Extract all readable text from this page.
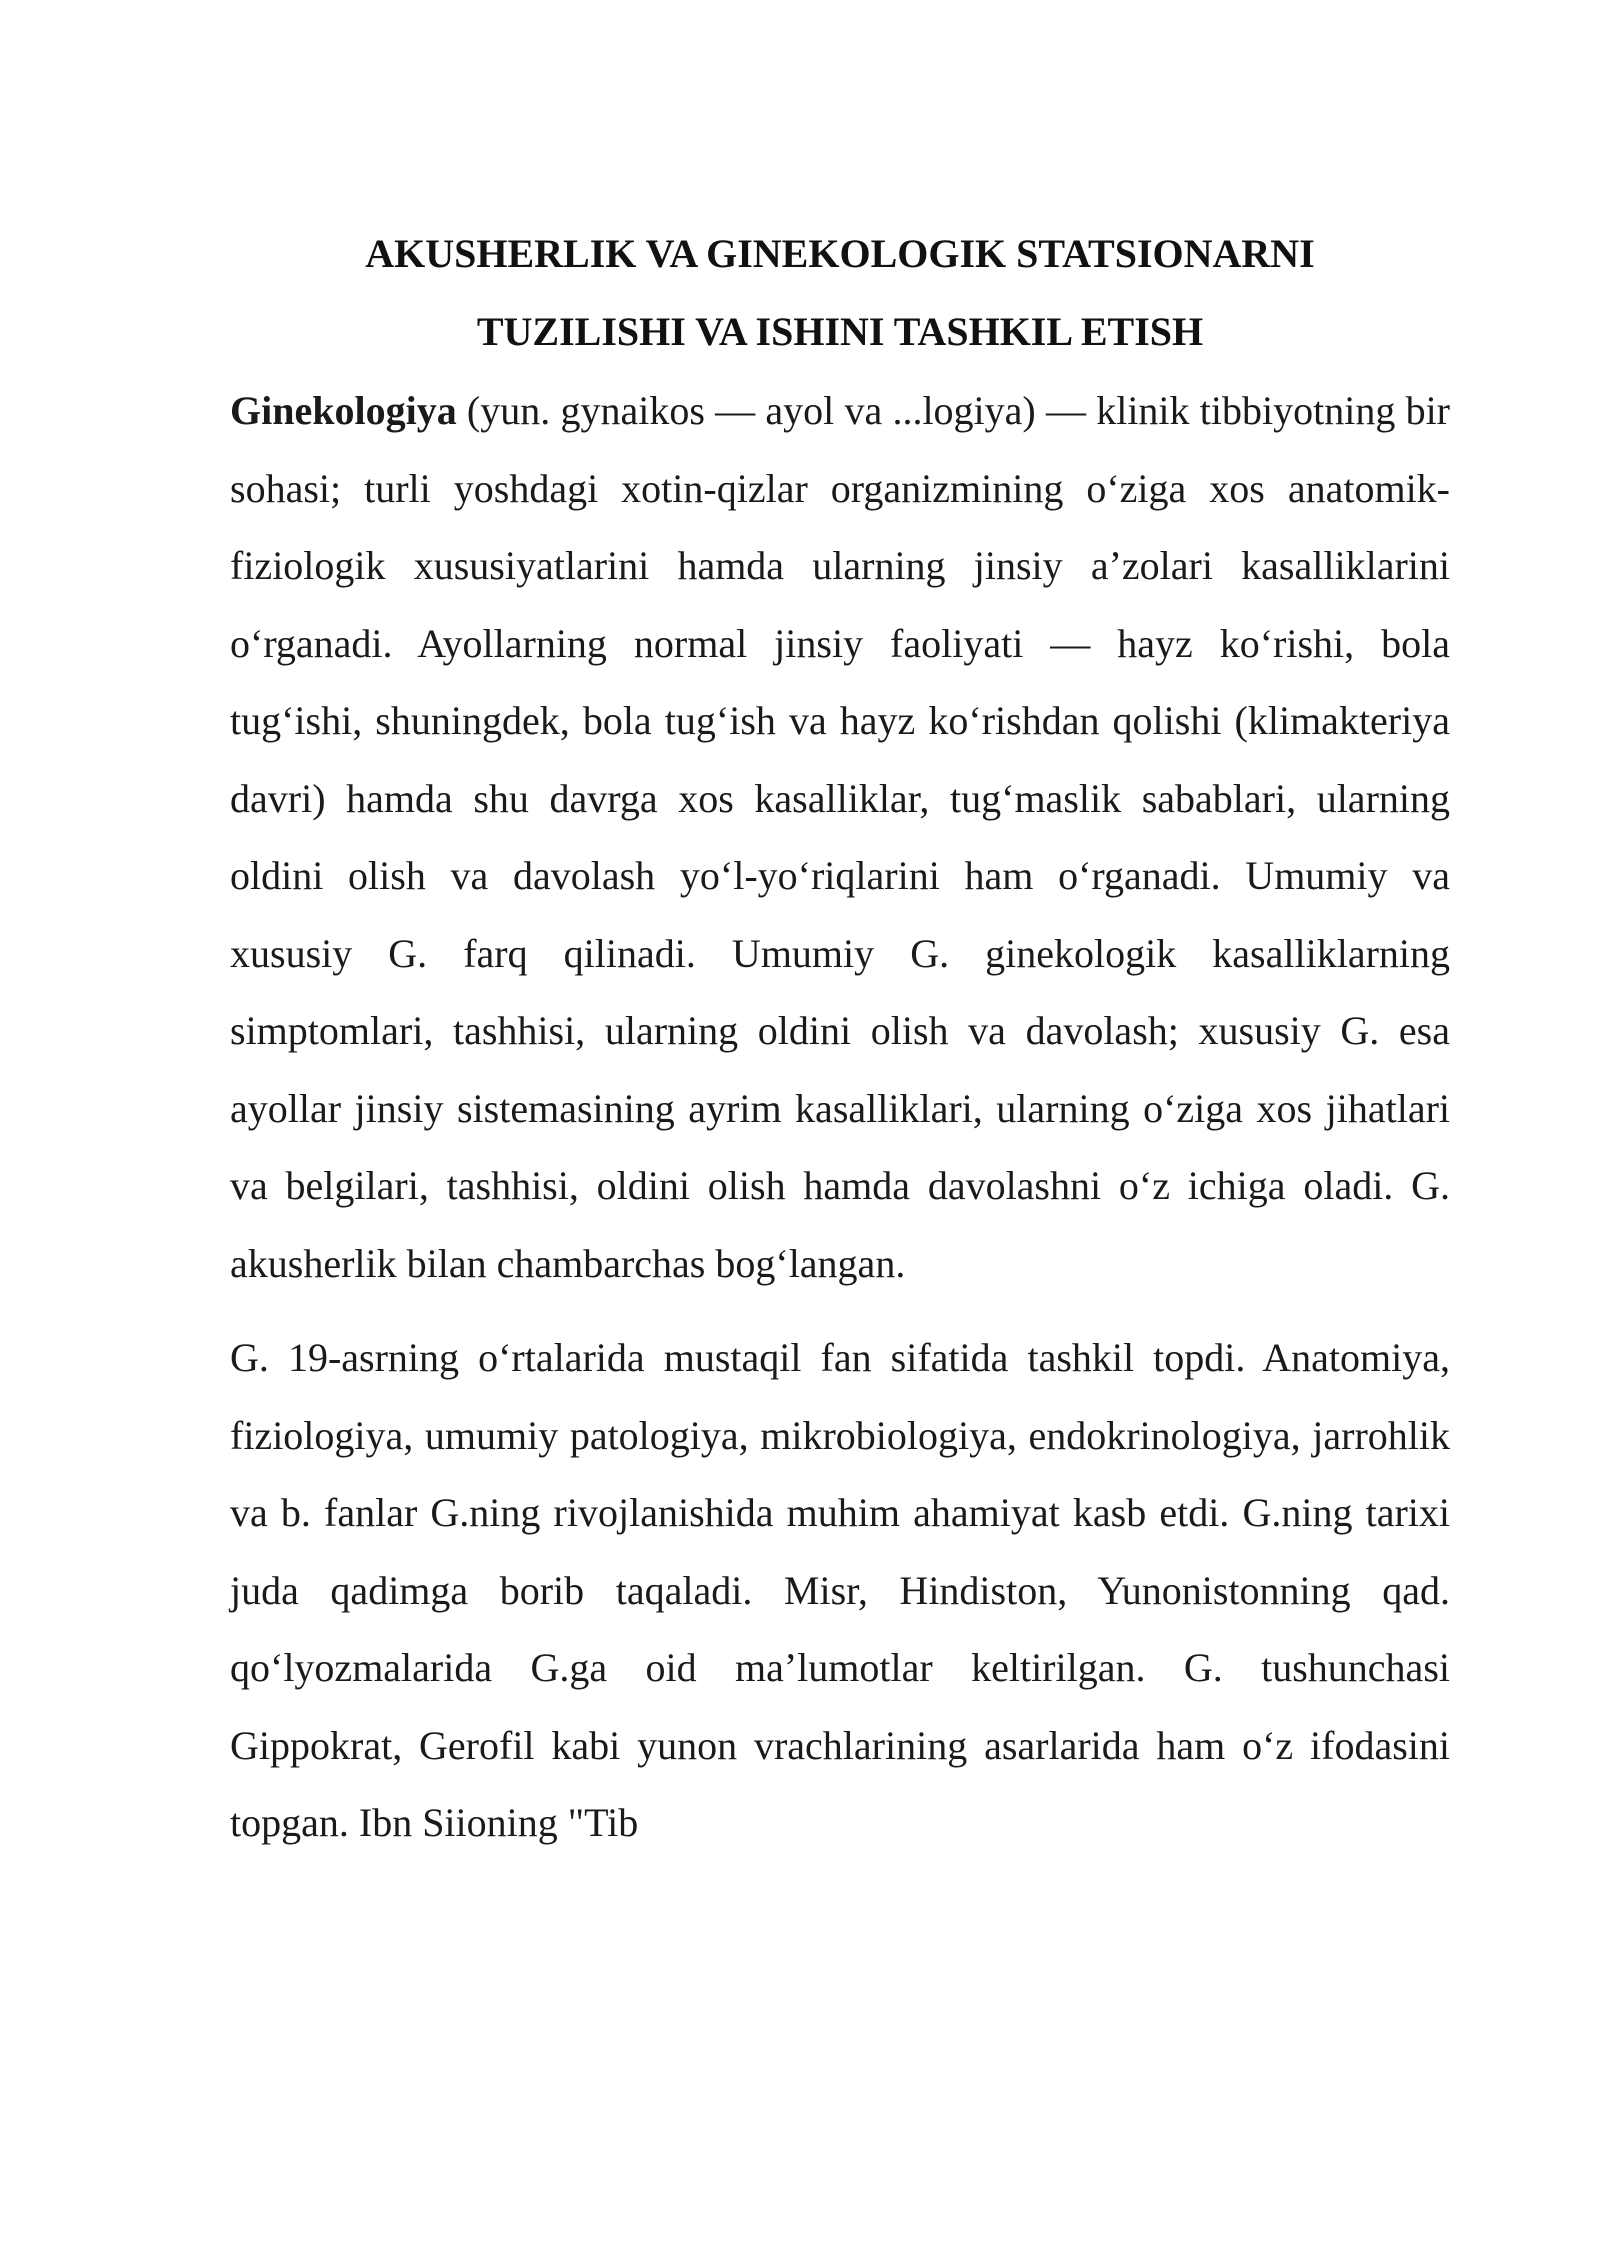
AKUSHERLIK VA GINEKOLOGIK STATSIONARNI
TUZILISHI VA ISHINI TASHKIL ETISH

Ginekologiya (yun. gynaikos — ayol va ...logiya) — klinik tibbiyotning bir sohasi; turli yoshdagi xotin-qizlar organizmining oʻziga xos anatomik-fiziologik xususiyatlarini hamda ularning jinsiy aʼzolari kasalliklarini oʻrganadi. Ayollarning normal jinsiy faoliyati — hayz koʻrishi, bola tugʻishi, shuningdek, bola tugʻish va hayz koʻrishdan qolishi (klimakteriya davri) hamda shu davrga xos kasalliklar, tugʻmaslik sabablari, ularning oldini olish va davolash yoʻl-yoʻriqlarini ham oʻrganadi. Umumiy va xususiy G. farq qilinadi. Umumiy G. ginekologik kasalliklarning simptomlari, tashhisi, ularning oldini olish va davolash; xususiy G. esa ayollar jinsiy sistemasining ayrim kasalliklari, ularning oʻziga xos jihatlari va belgilari, tashhisi, oldini olish hamda davolashni oʻz ichiga oladi. G. akusherlik bilan chambarchas bogʻlangan.

G. 19-asrning oʻrtalarida mustaqil fan sifatida tashkil topdi. Anatomiya, fiziologiya, umumiy patologiya, mikrobiologiya, endokrinologiya, jarrohlik va b. fanlar G.ning rivojlanishida muhim ahamiyat kasb etdi. G.ning tarixi juda qadimga borib taqaladi. Misr, Hindiston, Yunonistonning qad. qoʻlyozmalarida G.ga oid maʼlumotlar keltirilgan. G. tushunchasi Gippokrat, Gerofil kabi yunon vrachlarining asarlarida ham oʻz ifodasini topgan. Ibn Siioning "Tib
